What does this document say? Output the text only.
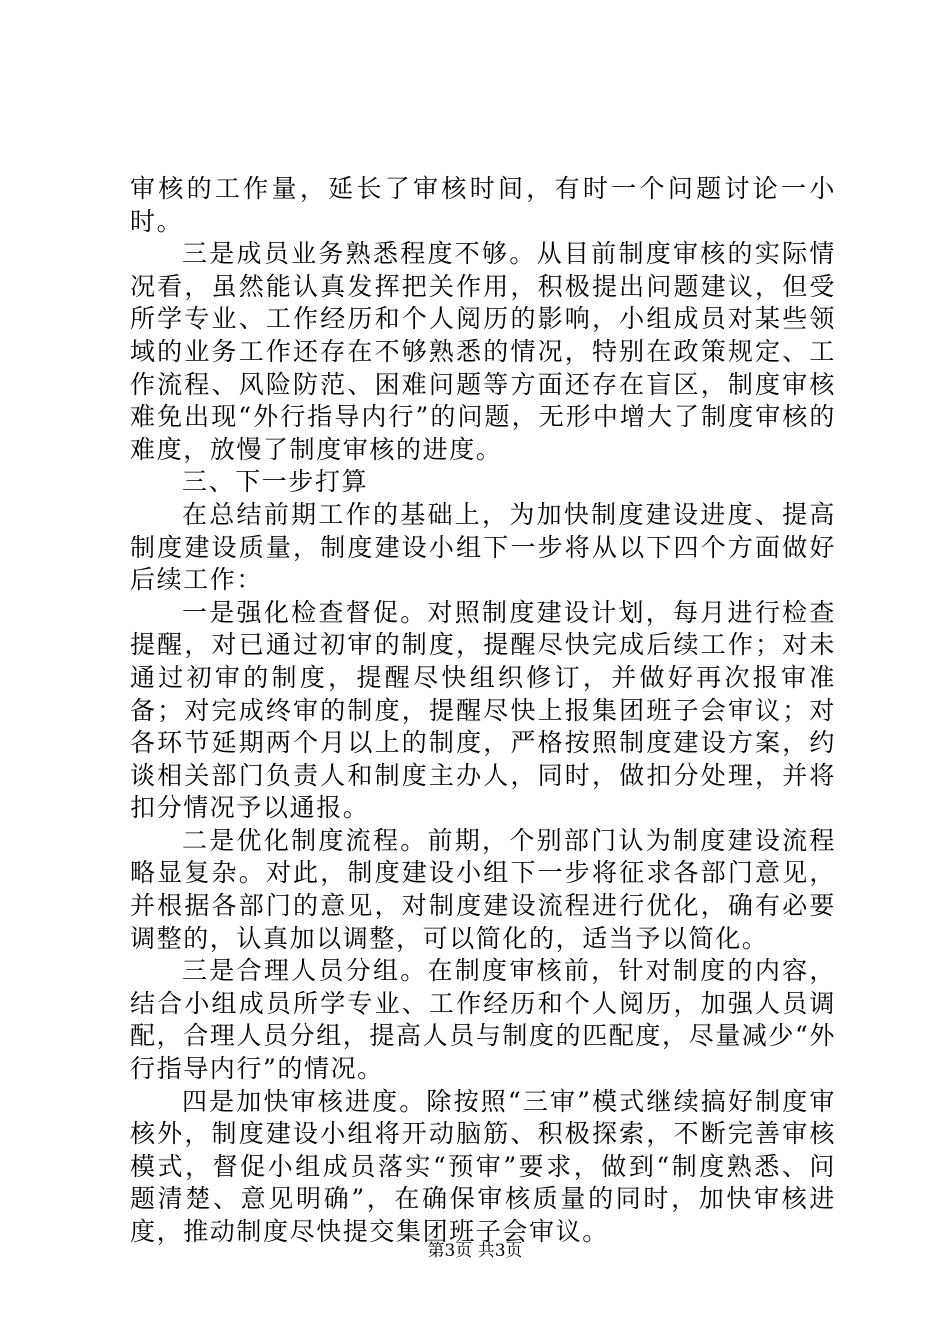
审核的工作量，延长了审核时间，有时一个问题讨论一小时。

三是成员业务熟悉程度不够。从目前制度审核的实际情况看，虽然能认真发挥把关作用，积极提出问题建议，但受所学专业、工作经历和个人阅历的影响，小组成员对某些领域的业务工作还存在不够熟悉的情况，特别在政策规定、工作流程、风险防范、困难问题等方面还存在盲区，制度审核难免出现“外行指导内行”的问题，无形中增大了制度审核的难度，放慢了制度审核的进度。

三、下一步打算

在总结前期工作的基础上，为加快制度建设进度、提高制度建设质量，制度建设小组下一步将从以下四个方面做好后续工作：

一是强化检查督促。对照制度建设计划，每月进行检查提醒，对已通过初审的制度，提醒尽快完成后续工作；对未通过初审的制度，提醒尽快组织修订，并做好再次报审准备；对完成终审的制度，提醒尽快上报集团班子会审议；对各环节延期两个月以上的制度，严格按照制度建设方案，约谈相关部门负责人和制度主办人，同时，做扣分处理，并将扣分情况予以通报。

二是优化制度流程。前期，个别部门认为制度建设流程略显复杂。对此，制度建设小组下一步将征求各部门意见，并根据各部门的意见，对制度建设流程进行优化，确有必要调整的，认真加以调整，可以简化的，适当予以简化。

三是合理人员分组。在制度审核前，针对制度的内容，结合小组成员所学专业、工作经历和个人阅历，加强人员调配，合理人员分组，提高人员与制度的匹配度，尽量减少“外行指导内行”的情况。

四是加快审核进度。除按照“三审”模式继续搞好制度审核外，制度建设小组将开动脑筋、积极探索，不断完善审核模式，督促小组成员落实“预审”要求，做到“制度熟悉、问题清楚、意见明确”，在确保审核质量的同时，加快审核进度，推动制度尽快提交集团班子会审议。

第3页 共3页
